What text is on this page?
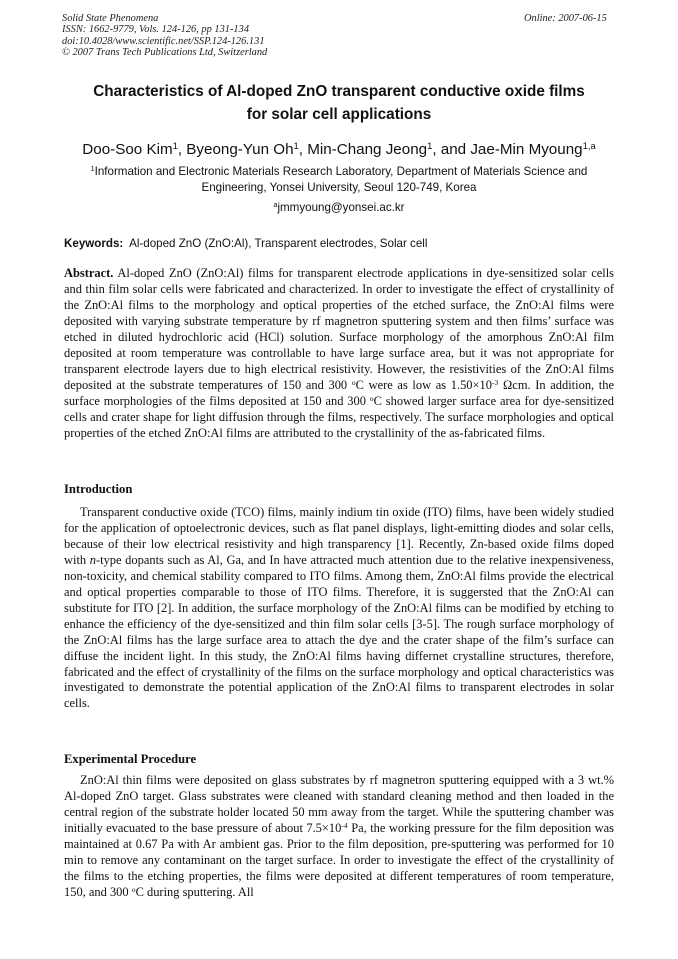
Solid State Phenomena
ISSN: 1662-9779, Vols. 124-126, pp 131-134
doi:10.4028/www.scientific.net/SSP.124-126.131
© 2007 Trans Tech Publications Ltd, Switzerland
Online: 2007-06-15
Characteristics of Al-doped ZnO transparent conductive oxide films
for solar cell applications
Doo-Soo Kim$^1$, Byeong-Yun Oh$^1$, Min-Chang Jeong$^1$, and Jae-Min Myoung$^{1,a}$
$^1$Information and Electronic Materials Research Laboratory, Department of Materials Science and
Engineering, Yonsei University, Seoul 120-749, Korea
$^a$jmmyoung@yonsei.ac.kr
Keywords: Al-doped ZnO (ZnO:Al), Transparent electrodes, Solar cell
Abstract. Al-doped ZnO (ZnO:Al) films for transparent electrode applications in dye-sensitized solar cells and thin film solar cells were fabricated and characterized. In order to investigate the effect of crystallinity of the ZnO:Al films to the morphology and optical properties of the etched surface, the ZnO:Al films were deposited with varying substrate temperature by rf magnetron sputtering system and then films’ surface was etched in diluted hydrochloric acid (HCl) solution. Surface morphology of the amorphous ZnO:Al film deposited at room temperature was controllable to have large surface area, but it was not appropriate for transparent electrode layers due to high electrical resistivity. However, the resistivities of the ZnO:Al films deposited at the substrate temperatures of 150 and 300 $^o$C were as low as $1.50\times 10^{-3}$ Ωcm. In addition, the surface morphologies of the films deposited at 150 and 300 $^o$C showed larger surface area for dye-sensitized cells and crater shape for light diffusion through the films, respectively. The surface morphologies and optical properties of the etched ZnO:Al films are attributed to the crystallinity of the as-fabricated films.
Introduction
Transparent conductive oxide (TCO) films, mainly indium tin oxide (ITO) films, have been widely studied for the application of optoelectronic devices, such as flat panel displays, light-emitting diodes and solar cells, because of their low electrical resistivity and high transparency [1]. Recently, Zn-based oxide films doped with n-type dopants such as Al, Ga, and In have attracted much attention due to the relative inexpensiveness, non-toxicity, and chemical stability compared to ITO films. Among them, ZnO:Al films provide the electrical and optical properties comparable to those of ITO films. Therefore, it is suggersted that the ZnO:Al can substitute for ITO [2]. In addition, the surface morphology of the ZnO:Al films can be modified by etching to enhance the efficiency of the dye-sensitized and thin film solar cells [3-5]. The rough surface morphology of the ZnO:Al films has the large surface area to attach the dye and the crater shape of the film’s surface can diffuse the incident light. In this study, the ZnO:Al films having differnet crystalline structures, therefore, fabricated and the effect of crystallinity of the films on the surface morphology and optical characteristics was investigated to demonstrate the potential application of the ZnO:Al films to transparent electrodes in solar cells.
Experimental Procedure
ZnO:Al thin films were deposited on glass substrates by rf magnetron sputtering equipped with a 3 wt.% Al-doped ZnO target. Glass substrates were cleaned with standard cleaning method and then loaded in the central region of the substrate holder located 50 mm away from the target. While the sputtering chamber was initially evacuated to the base pressure of about $7.5\times 10^{-4}$ Pa, the working pressure for the film deposition was maintained at 0.67 Pa with Ar ambient gas. Prior to the film deposition, pre-sputtering was performed for 10 min to remove any contaminant on the target surface. In order to investigate the effect of the crystallinity of the films to the etching properties, the films were deposited at different temperatures of room temperature, 150, and 300 $^o$C during sputtering. All
